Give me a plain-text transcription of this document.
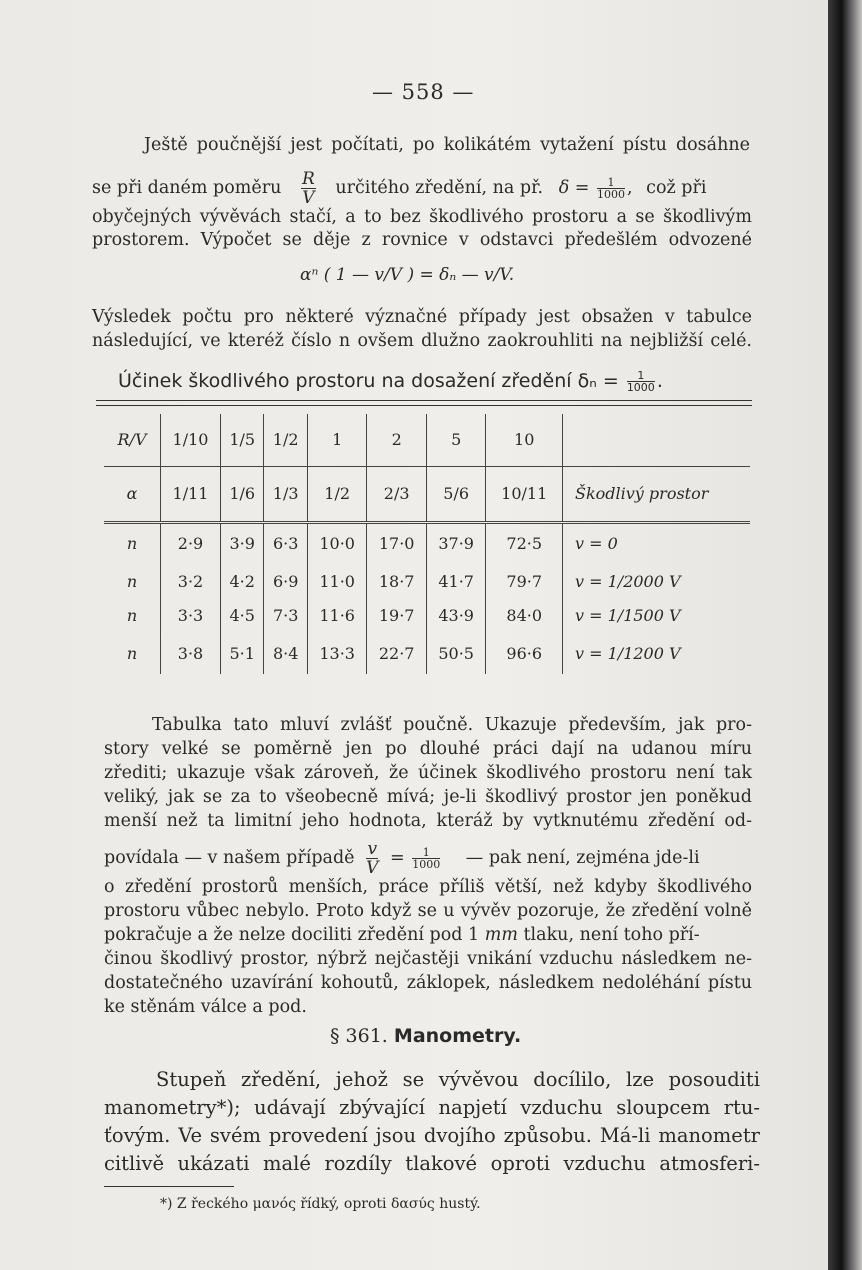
— 558 —
Ještě poučnější jest počítati, po kolikátém vytažení pístu dosáhne
se při daném poměru $\frac{R}{V}$ určitého zředění, na př. $\delta = \frac{1}{1000}$ , což při
obyčejných vývěvách stačí, a to bez škodlivého prostoru a se škodlivým
prostorem. Výpočet se děje z rovnice v odstavci předešlém odvozené
αⁿ ( 1 — v/V ) = δₙ — v/V.
Výsledek počtu pro některé význačné případy jest obsažen v tabulce
následující, ve kteréž číslo n ovšem dlužno zaokrouhliti na nejbližší celé.
Účinek škodlivého prostoru na dosažení zředění $\delta_n = \frac{1}{1000}$ .
R/V	1/10	1/5	1/2	1	2	5	10	
α	1/11	1/6	1/3	1/2	2/3	5/6	10/11	Škodlivý prostor
n	2·9	3·9	6·3	10·0	17·0	37·9	72·5	v = 0
n	3·2	4·2	6·9	11·0	18·7	41·7	79·7	v = 1/2000 V
n	3·3	4·5	7·3	11·6	19·7	43·9	84·0	v = 1/1500 V
n	3·8	5·1	8·4	13·3	22·7	50·5	96·6	v = 1/1200 V
Tabulka tato mluví zvlášť poučně. Ukazuje především, jak pro-
story velké se poměrně jen po dlouhé práci dají na udanou míru
zřediti; ukazuje však zároveň, že účinek škodlivého prostoru není tak
veliký, jak se za to všeobecně mívá; je-li škodlivý prostor jen poněkud
menší než ta limitní jeho hodnota, kteráž by vytknutému zředění od-
povídala — v našem případě $\frac{v}{V} = \frac{1}{1000}$ — pak není, zejména jde-li
o zředění prostorů menších, práce příliš větší, než kdyby škodlivého
prostoru vůbec nebylo. Proto když se u vývěv pozoruje, že zředění volně
pokračuje a že nelze dociliti zředění pod 1 mm tlaku, není toho pří-
činou škodlivý prostor, nýbrž nejčastěji vnikání vzduchu následkem ne-
dostatečného uzavírání kohoutů, záklopek, následkem nedoléhání pístu
ke stěnám válce a pod.
§ 361. Manometry.
Stupeň zředění, jehož se vývěvou docílilo, lze posouditi
manometry*); udávají zbývající napjetí vzduchu sloupcem rtu-
ťovým. Ve svém provedení jsou dvojího způsobu. Má-li manometr
citlivě ukázati malé rozdíly tlakové oproti vzduchu atmosferi-
*) Z řeckého μανός řídký, oproti δασύς hustý.
